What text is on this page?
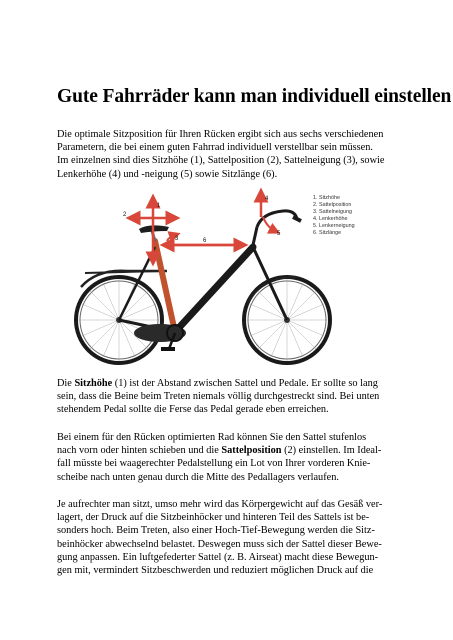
Gute Fahrräder kann man individuell einstellen

Die optimale Sitzposition für Ihren Rücken ergibt sich aus sechs verschiedenen
Parametern, die bei einem guten Fahrrad individuell verstellbar sein müssen.
Im einzelnen sind dies Sitzhöhe (1), Sattelposition (2), Sattelneigung (3), sowie
Lenkerhöhe (4) und -neigung (5) sowie Sitzlänge (6).

1
2
3
4
5
6
1. Sitzhöhe
2. Sattelposition
3. Sattelneigung
4. Lenkerhöhe
5. Lenkerneigung
6. Sitzlänge

Die Sitzhöhe (1) ist der Abstand zwischen Sattel und Pedale. Er sollte so lang
sein, dass die Beine beim Treten niemals völlig durchgestreckt sind. Bei unten
stehendem Pedal sollte die Ferse das Pedal gerade eben erreichen.

Bei einem für den Rücken optimierten Rad können Sie den Sattel stufenlos
nach vorn oder hinten schieben und die Sattelposition (2) einstellen. Im Ideal-
fall müsste bei waagerechter Pedalstellung ein Lot von Ihrer vorderen Knie-
scheibe nach unten genau durch die Mitte des Pedallagers verlaufen.

Je aufrechter man sitzt, umso mehr wird das Körpergewicht auf das Gesäß ver-
lagert, der Druck auf die Sitzbeinhöcker und hinteren Teil des Sattels ist be-
sonders hoch. Beim Treten, also einer Hoch-Tief-Bewegung werden die Sitz-
beinhöcker abwechselnd belastet. Deswegen muss sich der Sattel dieser Bewe-
gung anpassen. Ein luftgefederter Sattel (z. B. Airseat) macht diese Bewegun-
gen mit, vermindert Sitzbeschwerden und reduziert möglichen Druck auf die
